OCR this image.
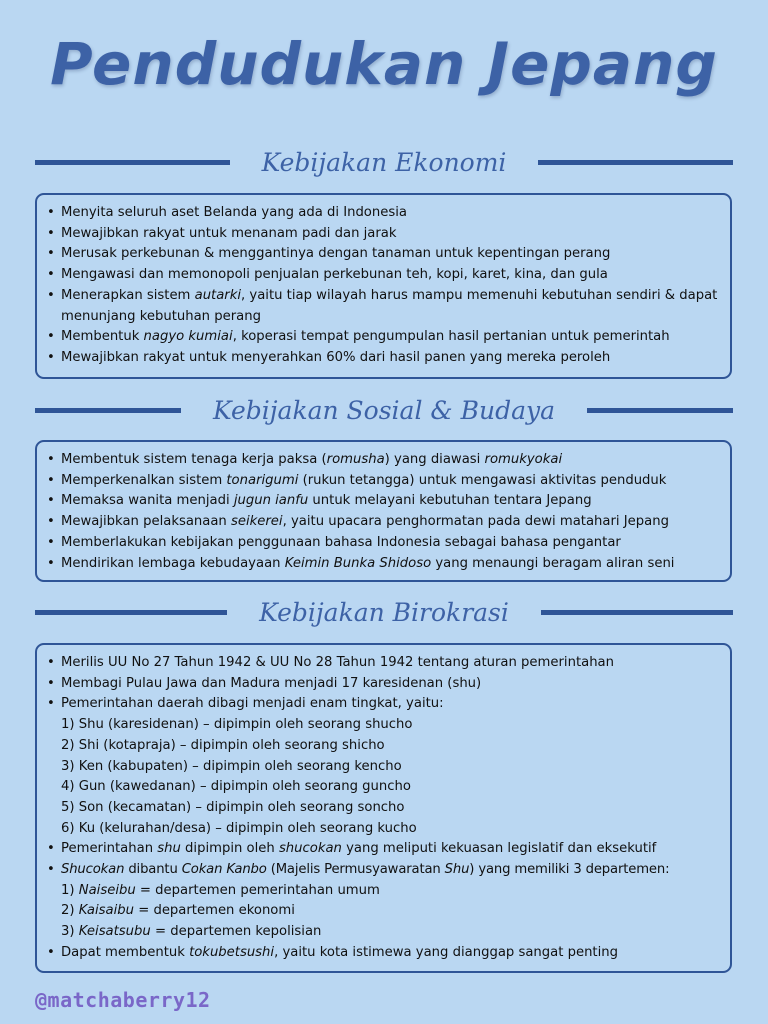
Pendudukan Jepang
Kebijakan Ekonomi
• Menyita seluruh aset Belanda yang ada di Indonesia
• Mewajibkan rakyat untuk menanam padi dan jarak
• Merusak perkebunan & menggantinya dengan tanaman untuk kepentingan perang
• Mengawasi dan memonopoli penjualan perkebunan teh, kopi, karet, kina, dan gula
• Menerapkan sistem autarki, yaitu tiap wilayah harus mampu memenuhi kebutuhan sendiri & dapat menunjang kebutuhan perang
• Membentuk nagyo kumiai, koperasi tempat pengumpulan hasil pertanian untuk pemerintah
• Mewajibkan rakyat untuk menyerahkan 60% dari hasil panen yang mereka peroleh
Kebijakan Sosial & Budaya
• Membentuk sistem tenaga kerja paksa (romusha) yang diawasi romukyokai
• Memperkenalkan sistem tonarigumi (rukun tetangga) untuk mengawasi aktivitas penduduk
• Memaksa wanita menjadi jugun ianfu untuk melayani kebutuhan tentara Jepang
• Mewajibkan pelaksanaan seikerei, yaitu upacara penghormatan pada dewi matahari Jepang
• Memberlakukan kebijakan penggunaan bahasa Indonesia sebagai bahasa pengantar
• Mendirikan lembaga kebudayaan Keimin Bunka Shidoso yang menaungi beragam aliran seni
Kebijakan Birokrasi
• Merilis UU No 27 Tahun 1942 & UU No 28 Tahun 1942 tentang aturan pemerintahan
• Membagi Pulau Jawa dan Madura menjadi 17 karesidenan (shu)
• Pemerintahan daerah dibagi menjadi enam tingkat, yaitu:
1) Shu (karesidenan) – dipimpin oleh seorang shucho
2) Shi (kotapraja) – dipimpin oleh seorang shicho
3) Ken (kabupaten) – dipimpin oleh seorang kencho
4) Gun (kawedanan) – dipimpin oleh seorang guncho
5) Son (kecamatan) – dipimpin oleh seorang soncho
6) Ku (kelurahan/desa) – dipimpin oleh seorang kucho
• Pemerintahan shu dipimpin oleh shucokan yang meliputi kekuasan legislatif dan eksekutif
• Shucokan dibantu Cokan Kanbo (Majelis Permusyawaratan Shu) yang memiliki 3 departemen:
1) Naiseibu = departemen pemerintahan umum
2) Kaisaibu = departemen ekonomi
3) Keisatsubu = departemen kepolisian
• Dapat membentuk tokubetsushi, yaitu kota istimewa yang dianggap sangat penting
@matchaberry12
